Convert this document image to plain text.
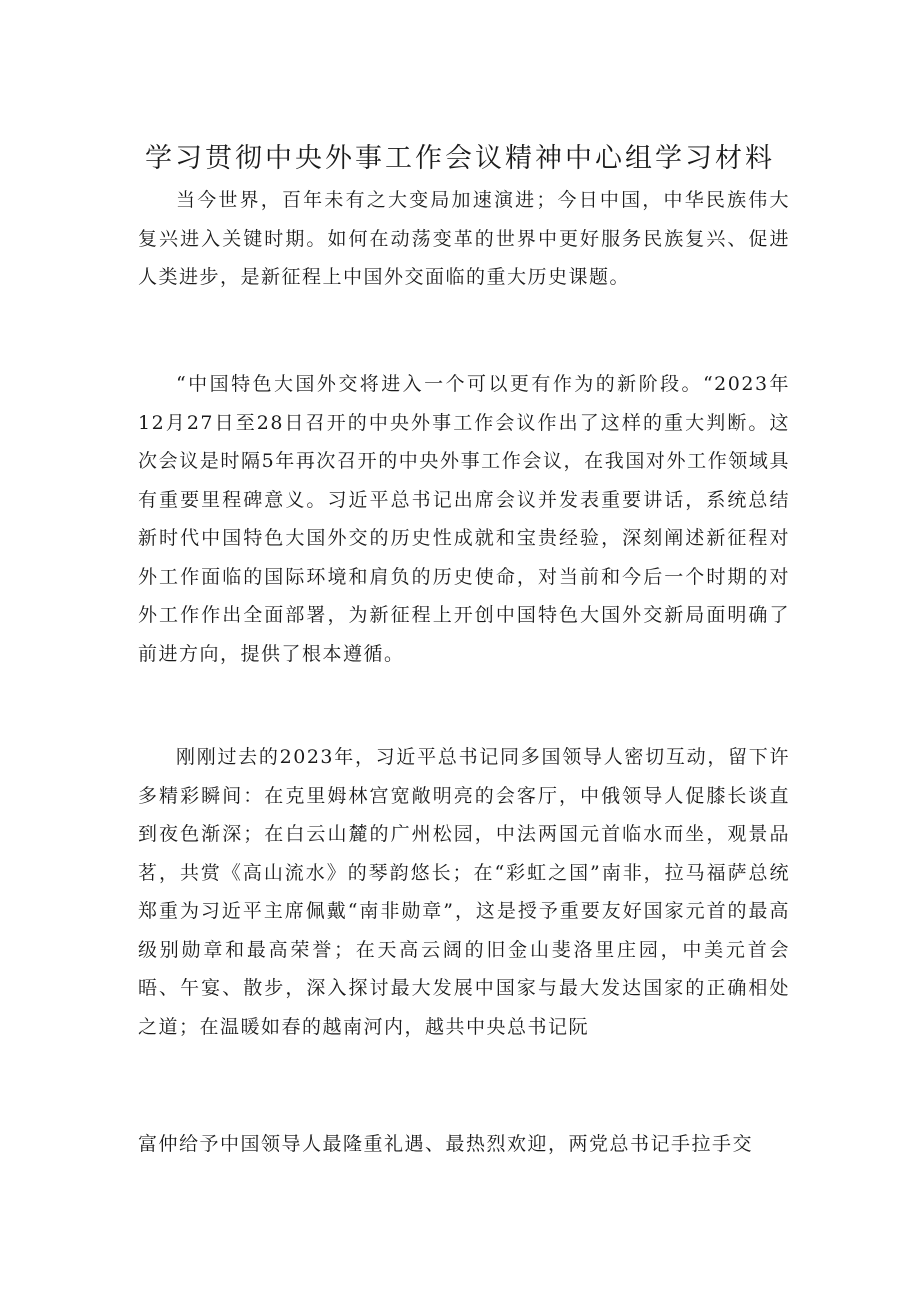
学习贯彻中央外事工作会议精神中心组学习材料

当今世界，百年未有之大变局加速演进；今日中国，中华民族伟大复兴进入关键时期。如何在动荡变革的世界中更好服务民族复兴、促进人类进步，是新征程上中国外交面临的重大历史课题。

“中国特色大国外交将进入一个可以更有作为的新阶段。“2023年12月27日至28日召开的中央外事工作会议作出了这样的重大判断。这次会议是时隔5年再次召开的中央外事工作会议，在我国对外工作领域具有重要里程碑意义。习近平总书记出席会议并发表重要讲话，系统总结新时代中国特色大国外交的历史性成就和宝贵经验，深刻阐述新征程对外工作面临的国际环境和肩负的历史使命，对当前和今后一个时期的对外工作作出全面部署，为新征程上开创中国特色大国外交新局面明确了前进方向，提供了根本遵循。

刚刚过去的2023年，习近平总书记同多国领导人密切互动，留下许多精彩瞬间：在克里姆林宫宽敞明亮的会客厅，中俄领导人促膝长谈直到夜色渐深；在白云山麓的广州松园，中法两国元首临水而坐，观景品茗，共赏《高山流水》的琴韵悠长；在“彩虹之国”南非，拉马福萨总统郑重为习近平主席佩戴“南非勋章”，这是授予重要友好国家元首的最高级别勋章和最高荣誉；在天高云阔的旧金山斐洛里庄园，中美元首会晤、午宴、散步，深入探讨最大发展中国家与最大发达国家的正确相处之道；在温暖如春的越南河内，越共中央总书记阮

富仲给予中国领导人最隆重礼遇、最热烈欢迎，两党总书记手拉手交
